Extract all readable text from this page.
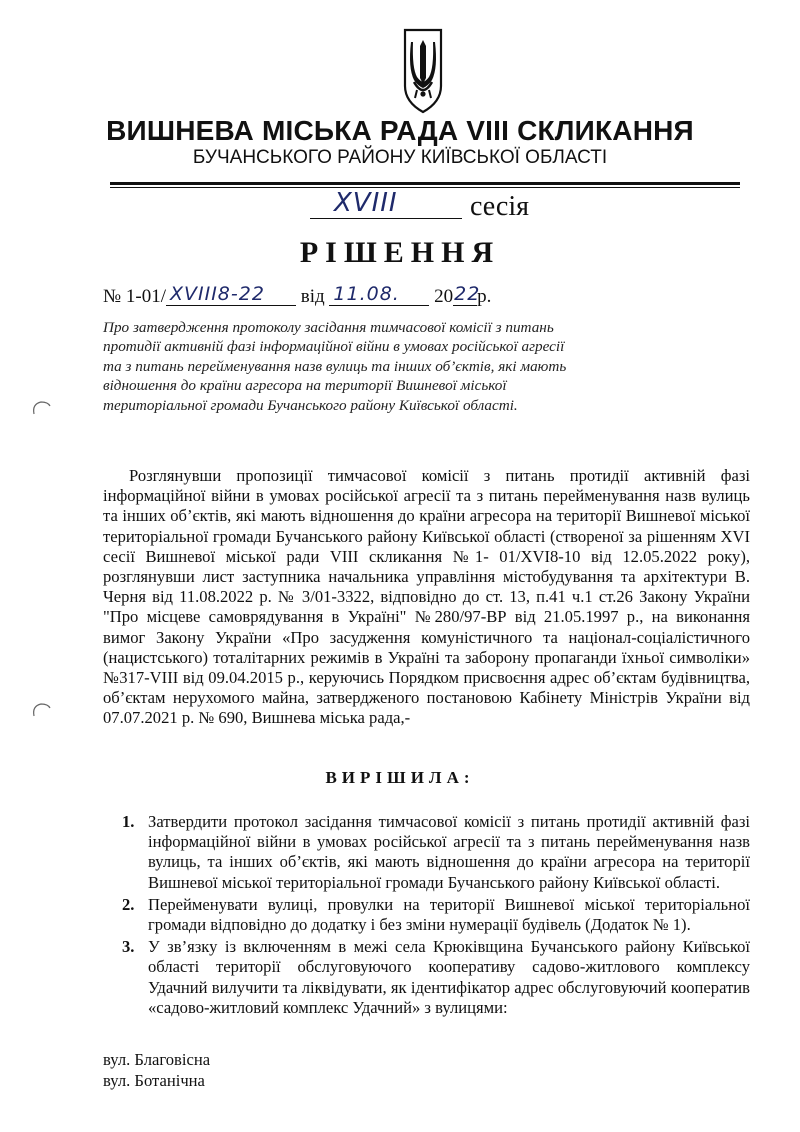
ВИШНЕВА МІСЬКА РАДА VIII СКЛИКАННЯ
БУЧАНСЬКОГО РАЙОНУ КИЇВСЬКОЇ ОБЛАСТІ
XVIII	сесія
РІШЕННЯ
№ 1-01/ XVIII8-22 від 11.08. 20 22
р.
Про затвердження протоколу засідання тимчасової комісії з питань протидії активній фазі інформаційної війни в умовах російської агресії та з питань перейменування назв вулиць та інших об’єктів, які мають відношення до країни агресора на території Вишневої міської територіальної громади Бучанського району Київської області.
Розглянувши пропозиції тимчасової комісії з питань протидії активній фазі інформаційної війни в умовах російської агресії та з питань перейменування назв вулиць та інших об’єктів, які мають відношення до країни агресора на території Вишневої міської територіальної громади Бучанського району Київської області (створеної за рішенням XVI сесії Вишневої міської ради VIII скликання №1- 01/XVI8-10 від 12.05.2022 року), розглянувши лист заступника начальника управління містобудування та архітектури В. Черня від 11.08.2022 р. № 3/01-3322, відповідно до ст. 13, п.41 ч.1 ст.26 Закону України "Про місцеве самоврядування в Україні" №280/97-ВР від 21.05.1997 р., на виконання вимог Закону України «Про засудження комуністичного та націонал-соціалістичного (нацистського) тоталітарних режимів в Україні та заборону пропаганди їхньої символіки» №317-VIII від 09.04.2015 р., керуючись Порядком присвоєння адрес об’єктам будівництва, об’єктам нерухомого майна, затвердженого постановою Кабінету Міністрів України від 07.07.2021 р. № 690, Вишнева міська рада,-
ВИРІШИЛА:
1. Затвердити протокол засідання тимчасової комісії з питань протидії активній фазі інформаційної війни в умовах російської агресії та з питань перейменування назв вулиць, та інших об’єктів, які мають відношення до країни агресора на території Вишневої міської територіальної громади Бучанського району Київської області.
2. Перейменувати вулиці, провулки на території Вишневої міської територіальної громади відповідно до додатку і без зміни нумерації будівель (Додаток № 1).
3. У зв’язку із включенням в межі села Крюківщина Бучанського району Київської області території обслуговуючого кооперативу садово-житлового комплексу Удачний вилучити та ліквідувати, як ідентифікатор адрес обслуговуючий кооператив «садово-житловий комплекс Удачний» з вулицями:
вул. Благовісна
вул. Ботанічна
